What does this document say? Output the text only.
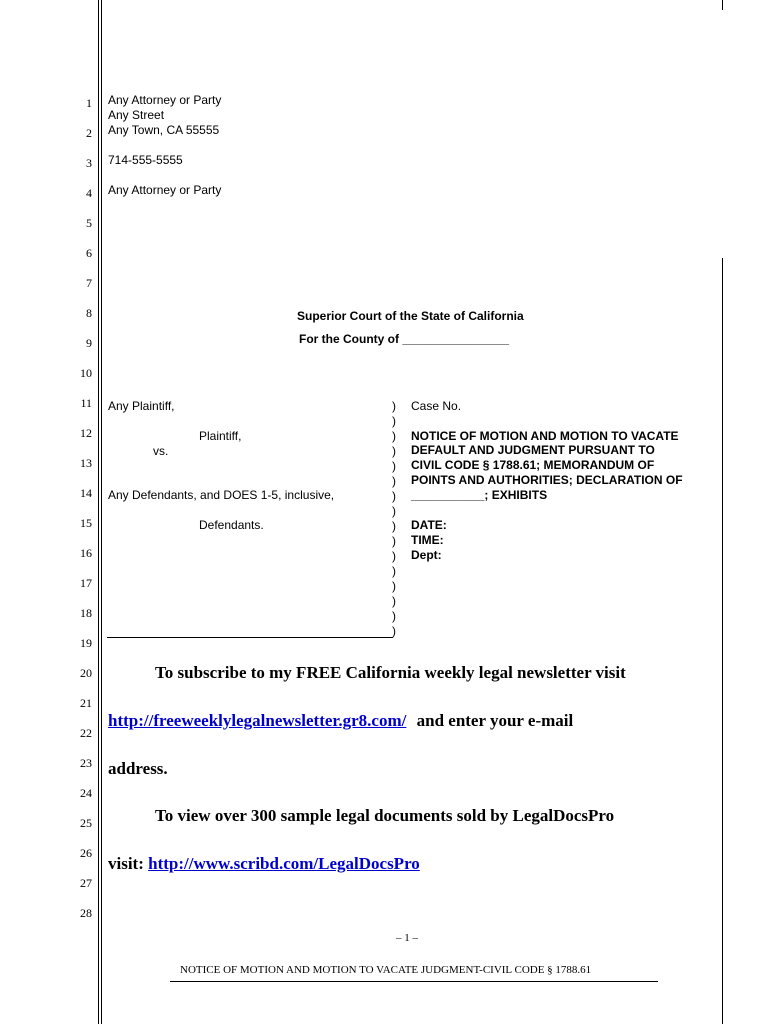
1
2
3
4
5
6
7
8
9
10
11
12
13
14
15
16
17
18
19
20
21
22
23
24
25
26
27
28
Any Attorney or Party
Any Street
Any Town, CA 55555
714-555-5555
Any Attorney or Party
Superior Court of the State of California
For the County of ________________
Any Plaintiff,
Plaintiff,
vs.
Any Defendants, and DOES 1-5, inclusive,
Defendants.
)
)
)
)
)
)
)
)
)
)
)
)
)
)
)
)
Case No.
NOTICE OF MOTION AND MOTION TO VACATE
DEFAULT AND JUDGMENT PURSUANT TO
CIVIL CODE § 1788.61; MEMORANDUM OF
POINTS AND AUTHORITIES; DECLARATION OF
___________; EXHIBITS
DATE:
TIME:
Dept:
To subscribe to my FREE California weekly legal newsletter visit
http://freeweeklylegalnewsletter.gr8.com/ and enter your e-mail
address.
To view over 300 sample legal documents sold by LegalDocsPro
visit: http://www.scribd.com/LegalDocsPro
– 1 –
NOTICE OF MOTION AND MOTION TO VACATE JUDGMENT-CIVIL CODE § 1788.61
